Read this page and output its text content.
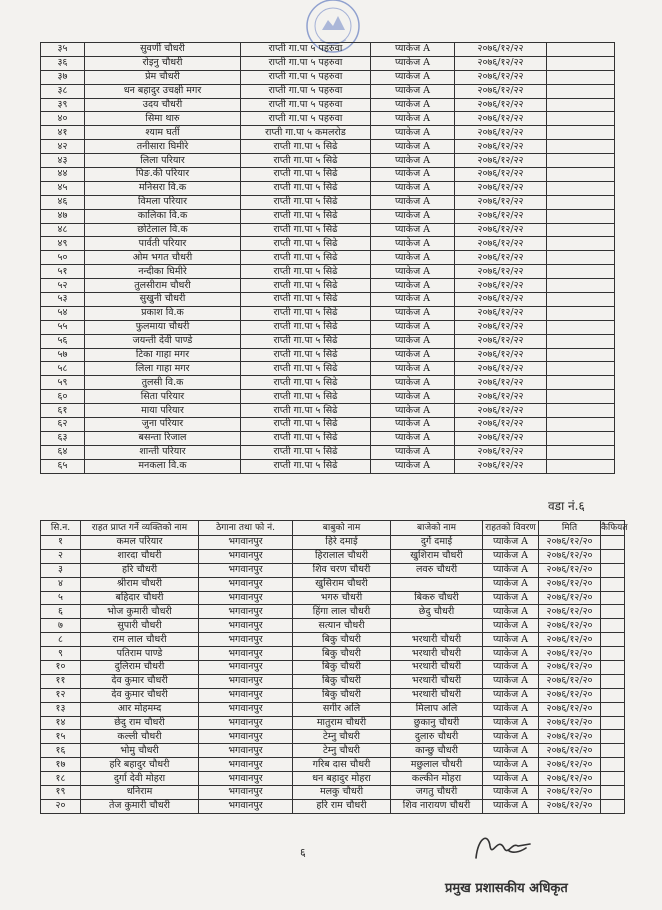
३५	सुवर्णी चौधरी	राप्ती गा.पा ५ पहरुवा	प्याकेज A	२०७६/१२/२२	
३६	रोइनु चौधरी	राप्ती गा.पा ५ पहरुवा	प्याकेज A	२०७६/१२/२२	
३७	प्रेम चौधरी	राप्ती गा.पा ५ पहरुवा	प्याकेज A	२०७६/१२/२२	
३८	धन बहादुर उचक्षी मगर	राप्ती गा.पा ५ पहरुवा	प्याकेज A	२०७६/१२/२२	
३९	उदय चौधरी	राप्ती गा.पा ५ पहरुवा	प्याकेज A	२०७६/१२/२२	
४०	सिमा थारु	राप्ती गा.पा ५ पहरुवा	प्याकेज A	२०७६/१२/२२	
४१	श्याम घर्ती	राप्ती गा.पा ५ कमलरोड	प्याकेज A	२०७६/१२/२२	
४२	तनीसारा घिमीरे	राप्ती गा.पा ५ सिढे	प्याकेज A	२०७६/१२/२२	
४३	लिला परियार	राप्ती गा.पा ५ सिढे	प्याकेज A	२०७६/१२/२२	
४४	पिङ.की परियार	राप्ती गा.पा ५ सिढे	प्याकेज A	२०७६/१२/२२	
४५	मनिसरा वि.क	राप्ती गा.पा ५ सिढे	प्याकेज A	२०७६/१२/२२	
४६	विमला परियार	राप्ती गा.पा ५ सिढे	प्याकेज A	२०७६/१२/२२	
४७	कालिका वि.क	राप्ती गा.पा ५ सिढे	प्याकेज A	२०७६/१२/२२	
४८	छोटेलाल वि.क	राप्ती गा.पा ५ सिढे	प्याकेज A	२०७६/१२/२२	
४९	पार्वती परियार	राप्ती गा.पा ५ सिढे	प्याकेज A	२०७६/१२/२२	
५०	ओम भगत चौधरी	राप्ती गा.पा ५ सिढे	प्याकेज A	२०७६/१२/२२	
५१	नन्दीका घिमीरे	राप्ती गा.पा ५ सिढे	प्याकेज A	२०७६/१२/२२	
५२	तुलसीराम चौधरी	राप्ती गा.पा ५ सिढे	प्याकेज A	२०७६/१२/२२	
५३	सुखुनी चौधरी	राप्ती गा.पा ५ सिढे	प्याकेज A	२०७६/१२/२२	
५४	प्रकाश वि.क	राप्ती गा.पा ५ सिढे	प्याकेज A	२०७६/१२/२२	
५५	फुलमाया चौधरी	राप्ती गा.पा ५ सिढे	प्याकेज A	२०७६/१२/२२	
५६	जयन्ती देवी पाण्डे	राप्ती गा.पा ५ सिढे	प्याकेज A	२०७६/१२/२२	
५७	टिका गाहा मगर	राप्ती गा.पा ५ सिढे	प्याकेज A	२०७६/१२/२२	
५८	लिला गाहा मगर	राप्ती गा.पा ५ सिढे	प्याकेज A	२०७६/१२/२२	
५९	तुलसी वि.क	राप्ती गा.पा ५ सिढे	प्याकेज A	२०७६/१२/२२	
६०	सिता परियार	राप्ती गा.पा ५ सिढे	प्याकेज A	२०७६/१२/२२	
६१	माया परियार	राप्ती गा.पा ५ सिढे	प्याकेज A	२०७६/१२/२२	
६२	जुना परियार	राप्ती गा.पा ५ सिढे	प्याकेज A	२०७६/१२/२२	
६३	बसन्ता रिजाल	राप्ती गा.पा ५ सिढे	प्याकेज A	२०७६/१२/२२	
६४	शान्ती परियार	राप्ती गा.पा ५ सिढे	प्याकेज A	२०७६/१२/२२	
६५	मनकला वि.क	राप्ती गा.पा ५ सिढे	प्याकेज A	२०७६/१२/२२	
वडा नं.६
सि.न.	राहत प्राप्त गर्ने व्यक्तिको नाम	ठेगाना तथा फो नं.	बाबुको नाम	बाजेको नाम	राहतको विवरण	मिति	कैफियत
१	कमल परियार	भगवानपुर	हिरे दमाई	दुर्गे दमाई	प्याकेज A	२०७६/१२/२०	
२	शारदा चौधरी	भगवानपुर	हिरालाल चौधरी	खुशिराम चौधरी	प्याकेज A	२०७६/१२/२०	
३	हरि चौधरी	भगवानपुर	शिव चरण चौधरी	लवरु चौधरी	प्याकेज A	२०७६/१२/२०	
४	श्रीराम चौधरी	भगवानपुर	खुसिराम चौधरी		प्याकेज A	२०७६/१२/२०	
५	बहिदार चौधरी	भगवानपुर	भगरु चौधरी	बिकरु चौधरी	प्याकेज A	२०७६/१२/२०	
६	भोज कुमारी चौधरी	भगवानपुर	हिंगा लाल चौधरी	छेदु चौधरी	प्याकेज A	२०७६/१२/२०	
७	सुपारी चौधरी	भगवानपुर	सत्यान चौधरी		प्याकेज A	२०७६/१२/२०	
८	राम लाल चौधरी	भगवानपुर	बिकु चौधरी	भरथारी चौधरी	प्याकेज A	२०७६/१२/२०	
९	पतिराम पाण्डे	भगवानपुर	बिकु चौधरी	भरथारी चौधरी	प्याकेज A	२०७६/१२/२०	
१०	दुलिराम चौधरी	भगवानपुर	बिकु चौधरी	भरथारी चौधरी	प्याकेज A	२०७६/१२/२०	
११	देव कुमार चौधरी	भगवानपुर	बिकु चौधरी	भरथारी चौधरी	प्याकेज A	२०७६/१२/२०	
१२	देव कुमार चौधरी	भगवानपुर	बिकु चौधरी	भरथारी चौधरी	प्याकेज A	२०७६/१२/२०	
१३	आर मोहमम्द	भगवानपुर	सगीर अलि	मिलाप अलि	प्याकेज A	२०७६/१२/२०	
१४	छेदु राम चौधरी	भगवानपुर	मातुराम चौधरी	छुकानु चौधरी	प्याकेज A	२०७६/१२/२०	
१५	कल्ली चौधरी	भगवानपुर	टेम्नु चौधरी	दुलारु चौधरी	प्याकेज A	२०७६/१२/२०	
१६	भोमु चौधरी	भगवानपुर	टेम्नु चौधरी	कान्छु चौधरी	प्याकेज A	२०७६/१२/२०	
१७	हरि बहादुर चौधरी	भगवानपुर	गरिब दास चौधरी	मछुलाल चौधरी	प्याकेज A	२०७६/१२/२०	
१८	दुर्गा देवी मोहरा	भगवानपुर	धन बहादुर मोहरा	कल्कीन मोहरा	प्याकेज A	२०७६/१२/२०	
१९	धनिराम	भगवानपुर	मलकु चौधरी	जगतु चौधरी	प्याकेज A	२०७६/१२/२०	
२०	तेज कुमारी चौधरी	भगवानपुर	हरि राम चौधरी	शिव नारायण चौधरी	प्याकेज A	२०७६/१२/२०	
६
प्रमुख प्रशासकीय अधिकृत
